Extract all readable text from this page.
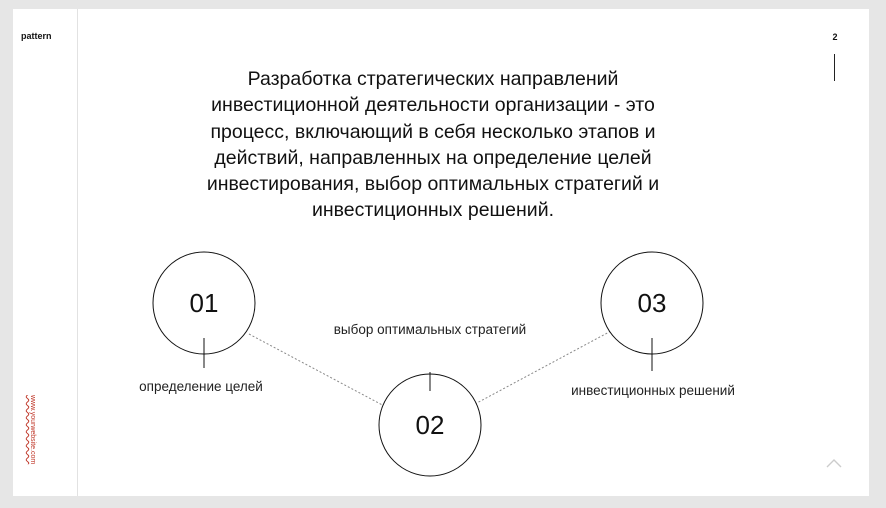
pattern
www.yourwebsite.com
2
Разработка стратегических направлений
инвестиционной деятельности организации - это
процесс, включающий в себя несколько этапов и
действий, направленных на определение целей
инвестирования, выбор оптимальных стратегий и
инвестиционных решений.
01
определение целей
02
выбор оптимальных стратегий
03
инвестиционных решений
